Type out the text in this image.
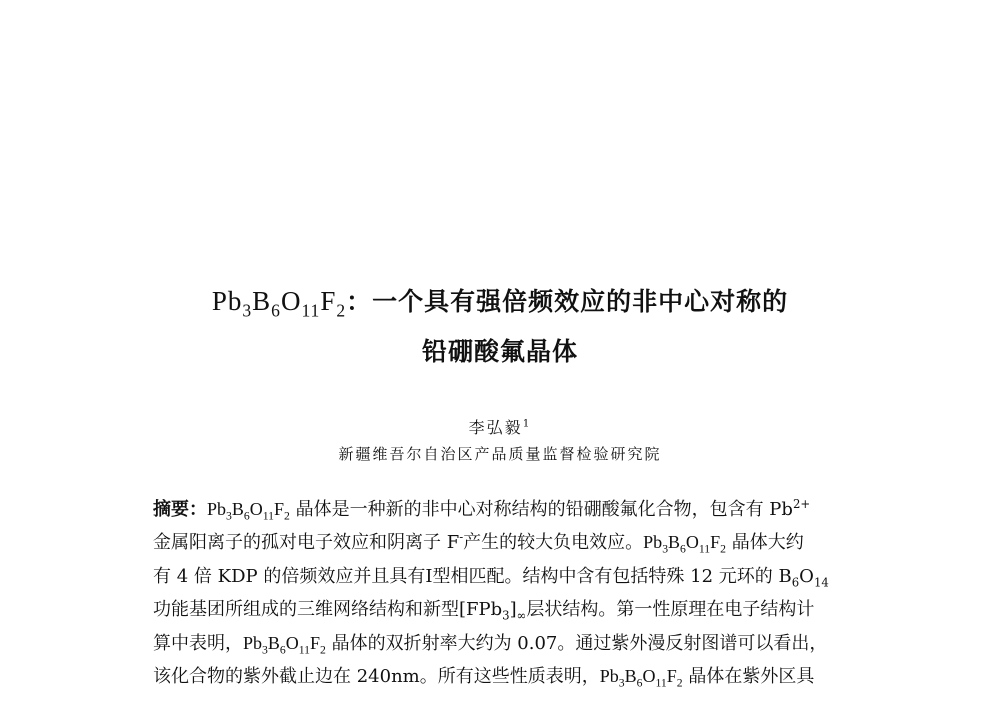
$Pb_3B_6O_{11}F_2$：一个具有强倍频效应的非中心对称的
铅硼酸氟晶体
李弘毅$^1$
新疆维吾尔自治区产品质量监督检验研究院
摘要：$Pb_3B_6O_{11}F_2$ 晶体是一种新的非中心对称结构的铅硼酸氟化合物，包含有 $Pb^{2+}$
金属阳离子的孤对电子效应和阴离子 F-产生的较大负电效应。$Pb_3B_6O_{11}F_2$ 晶体大约
有 4 倍 KDP 的倍频效应并且具有Ⅰ型相匹配。结构中含有包括特殊 12 元环的 $B_6O_{14}$
功能基团所组成的三维网络结构和新型$[FPb_3]_\infty$层状结构。第一性原理在电子结构计
算中表明，$Pb_3B_6O_{11}F_2$ 晶体的双折射率大约为 0.07。通过紫外漫反射图谱可以看出，
该化合物的紫外截止边在 240nm。所有这些性质表明，$Pb_3B_6O_{11}F_2$ 晶体在紫外区具
